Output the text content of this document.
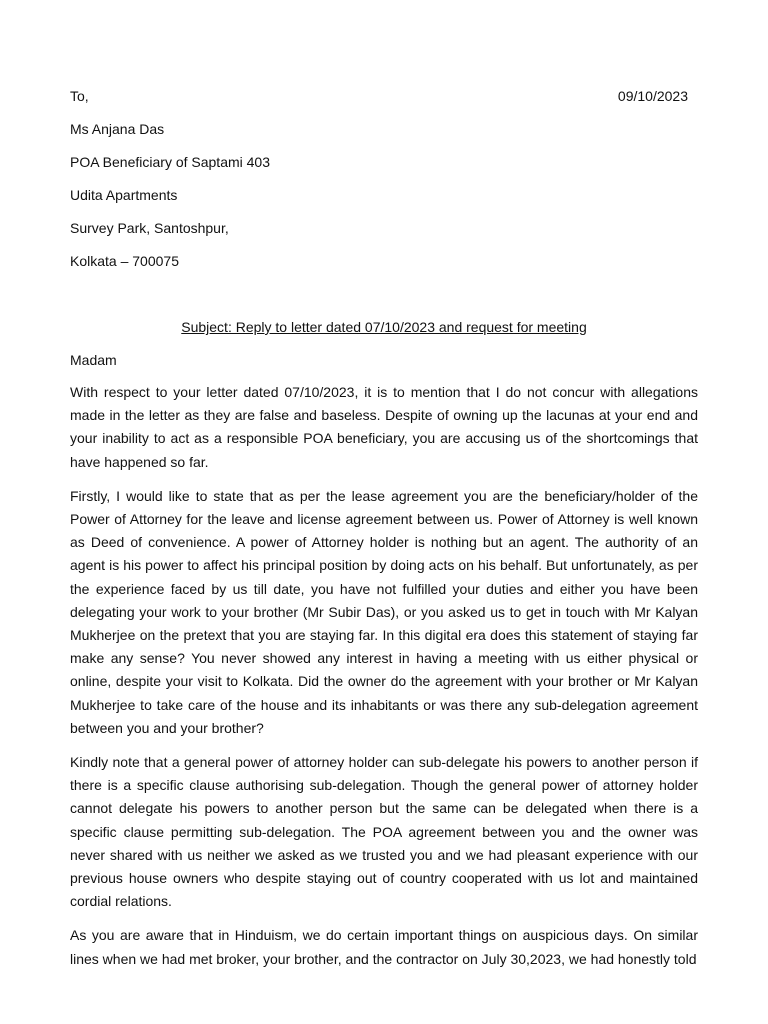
To,	09/10/2023
Ms Anjana Das
POA Beneficiary of Saptami 403
Udita Apartments
Survey Park, Santoshpur,
Kolkata – 700075
Subject: Reply to letter dated 07/10/2023 and request for meeting
Madam

With respect to your letter dated 07/10/2023, it is to mention that I do not concur with allegations made in the letter as they are false and baseless. Despite of owning up the lacunas at your end and your inability to act as a responsible POA beneficiary, you are accusing us of the shortcomings that have happened so far.

Firstly, I would like to state that as per the lease agreement you are the beneficiary/holder of the Power of Attorney for the leave and license agreement between us. Power of Attorney is well known as Deed of convenience. A power of Attorney holder is nothing but an agent. The authority of an agent is his power to affect his principal position by doing acts on his behalf. But unfortunately, as per the experience faced by us till date, you have not fulfilled your duties and either you have been delegating your work to your brother (Mr Subir Das), or you asked us to get in touch with Mr Kalyan Mukherjee on the pretext that you are staying far. In this digital era does this statement of staying far make any sense? You never showed any interest in having a meeting with us either physical or online, despite your visit to Kolkata. Did the owner do the agreement with your brother or Mr Kalyan Mukherjee to take care of the house and its inhabitants or was there any sub-delegation agreement between you and your brother?

Kindly note that a general power of attorney holder can sub-delegate his powers to another person if there is a specific clause authorising sub-delegation. Though the general power of attorney holder cannot delegate his powers to another person but the same can be delegated when there is a specific clause permitting sub-delegation. The POA agreement between you and the owner was never shared with us neither we asked as we trusted you and we had pleasant experience with our previous house owners who despite staying out of country cooperated with us lot and maintained cordial relations.

As you are aware that in Hinduism, we do certain important things on auspicious days. On similar lines when we had met broker, your brother, and the contractor on July 30,2023, we had honestly told
